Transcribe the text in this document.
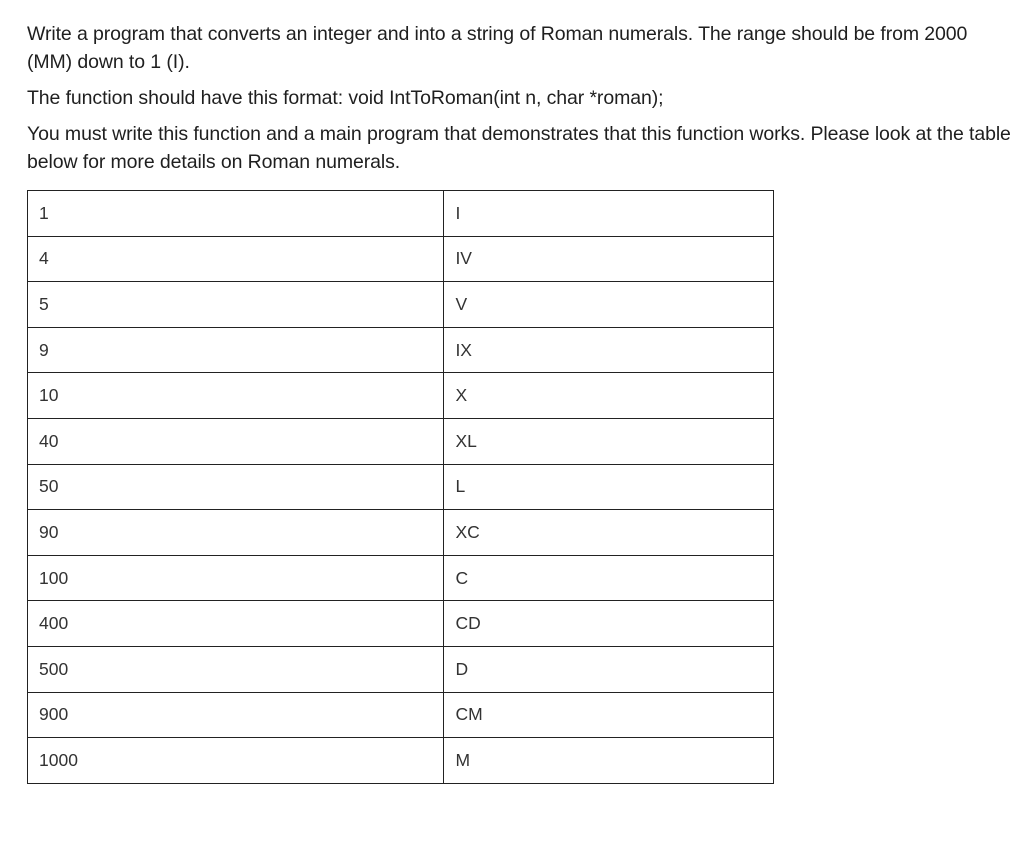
Write a program that converts an integer and into a string of Roman numerals. The range should be from 2000 (MM) down to 1 (I).

The function should have this format: void IntToRoman(int n, char *roman);

You must write this function and a main program that demonstrates that this function works. Please look at the table below for more details on Roman numerals.

1	I
4	IV
5	V
9	IX
10	X
40	XL
50	L
90	XC
100	C
400	CD
500	D
900	CM
1000	M
